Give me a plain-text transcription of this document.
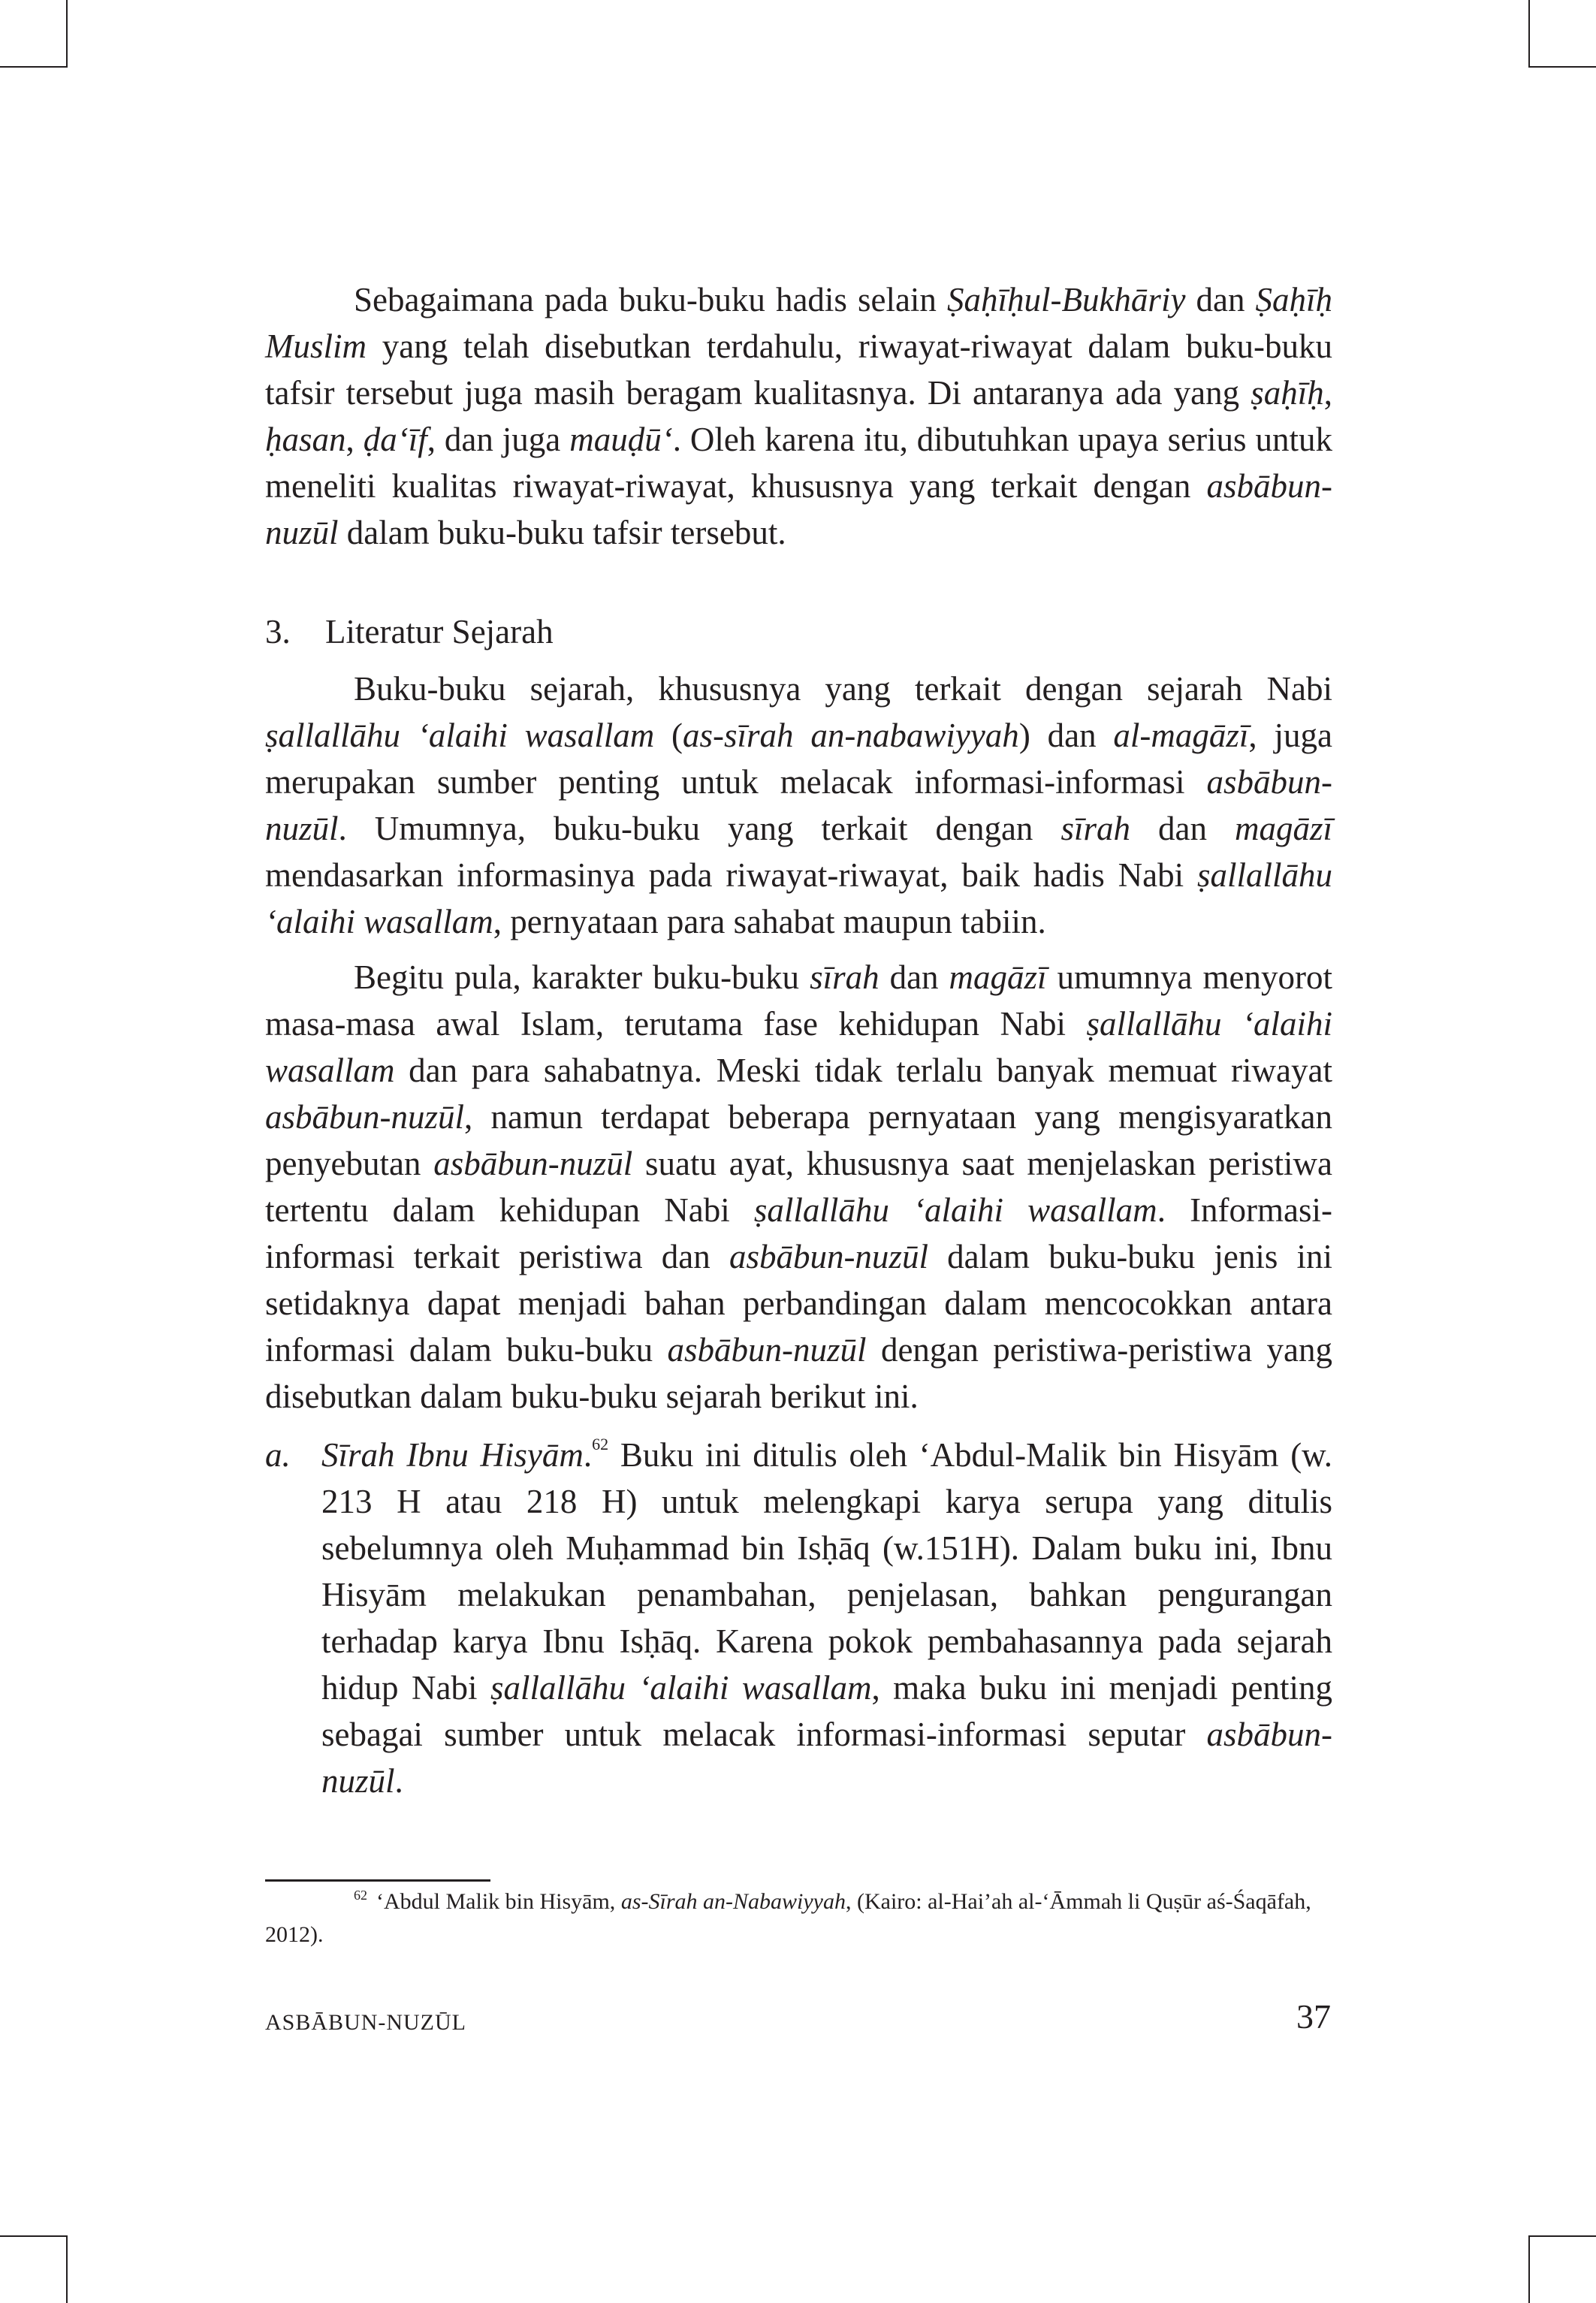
Sebagaimana pada buku-buku hadis selain Ṣaḥīḥul-Bukhāriy dan Ṣaḥīḥ Muslim yang telah disebutkan terdahulu, riwayat-riwayat dalam buku-buku tafsir tersebut juga masih beragam kualitasnya. Di antaranya ada yang ṣaḥīḥ, ḥasan, ḍa‘īf, dan juga mauḍū‘. Oleh karena itu, dibutuhkan upaya serius untuk meneliti kualitas riwayat-riwayat, khususnya yang terkait dengan asbābun-nuzūl dalam buku-buku tafsir tersebut.

3. Literatur Sejarah

Buku-buku sejarah, khususnya yang terkait dengan sejarah Nabi ṣallallāhu ‘alaihi wasallam (as-sīrah an-nabawiyyah) dan al-magāzī, juga merupakan sumber penting untuk melacak informasi-informasi asbābun-nuzūl. Umumnya, buku-buku yang terkait dengan sīrah dan magāzī mendasarkan informasinya pada riwayat-riwayat, baik hadis Nabi ṣallallāhu ‘alaihi wasallam, pernyataan para sahabat maupun tabiin.

Begitu pula, karakter buku-buku sīrah dan magāzī umumnya menyorot masa-masa awal Islam, terutama fase kehidupan Nabi ṣallallāhu ‘alaihi wasallam dan para sahabatnya. Meski tidak terlalu banyak memuat riwayat asbābun-nuzūl, namun terdapat beberapa pernyataan yang mengisyaratkan penyebutan asbābun-nuzūl suatu ayat, khususnya saat menjelaskan peristiwa tertentu dalam kehidupan Nabi ṣallallāhu ‘alaihi wasallam. Informasi-informasi terkait peristiwa dan asbābun-nuzūl dalam buku-buku jenis ini setidaknya dapat menjadi bahan perbandingan dalam mencocokkan antara informasi dalam buku-buku asbābun-nuzūl dengan peristiwa-peristiwa yang disebutkan dalam buku-buku sejarah berikut ini.

a. Sīrah Ibnu Hisyām.$^{62}$ Buku ini ditulis oleh ‘Abdul-Malik bin Hisyām (w. 213 H atau 218 H) untuk melengkapi karya serupa yang ditulis sebelumnya oleh Muḥammad bin Isḥāq (w.151H). Dalam buku ini, Ibnu Hisyām melakukan penambahan, penjelasan, bahkan pengurangan terhadap karya Ibnu Isḥāq. Karena pokok pembahasannya pada sejarah hidup Nabi ṣallallāhu ‘alaihi wasallam, maka buku ini menjadi penting sebagai sumber untuk melacak informasi-informasi seputar asbābun-nuzūl.
$^{62}$ ‘Abdul Malik bin Hisyām, as-Sīrah an-Nabawiyyah, (Kairo: al-Hai’ah al-‘Āmmah li Quṣūr aś-Śaqāfah, 2012).
ASBĀBUN-NUZŪL	37
